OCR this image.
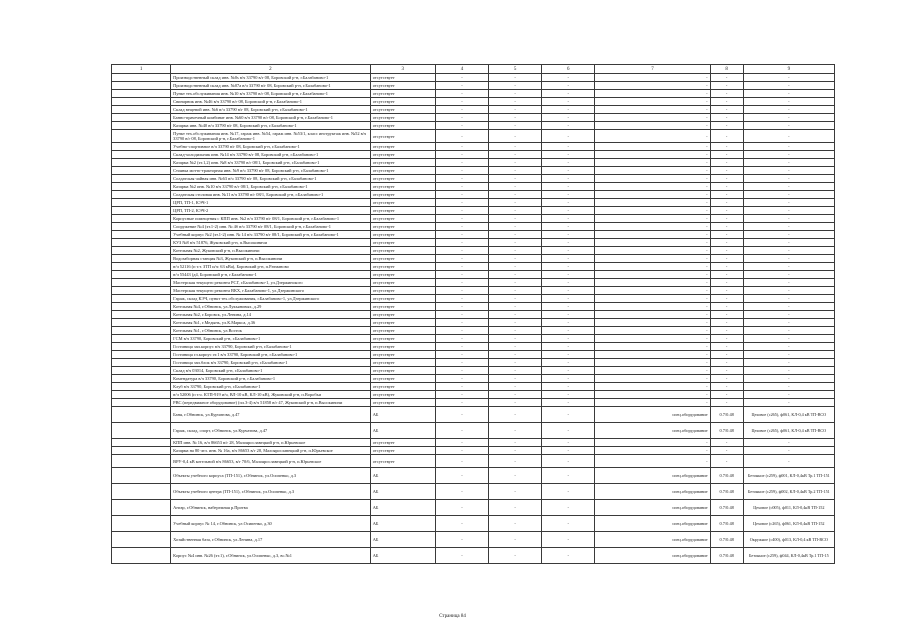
1	2	3	4	5	6	7	8	9
	Производственный склад инв. №0s в/ч 33790 в/г 08, Боровский р-н, г.Балабаново-1	отсутствует	-	-	-	-	-	-
	Производственный склад инв. №07а в/ч 33790 в/г 08, Боровский р-н, г.Балабаново-1	отсутствует	-	-	-	-	-	-
	Пункт тех.обслуживания инв. №10 в/ч 33790 в/г 08, Боровский р-н, г.Балабаново-1	отсутствует	-	-	-	-	-	-
	Свинарник инв. №46 в/ч 33790 в/г 08, Боровский р-н, г.Балабаново-1	отсутствует	-	-	-	-	-	-
	Склад вещевой инв. №6 в/ч 33790 в/г 08, Боровский р-н, г.Балабаново-1	отсутствует	-	-	-	-	-	-
	Банно-прачечный комбинат инв. №60 в/ч 33790 в/г 08, Боровский р-н, г.Балабаново-1	отсутствует	-	-	-	-	-	-
	Казарма инв. №40 в/ч 33790 в/г 08, Боровский р-н, г.Балабаново-1	отсутствует	-	-	-	-	-	-
	Пункт тех.обслуживания инв. №17, гараж инв. №54, гараж инв. №53/1, класс инструктаж инв. №52 в/ч 33790 в/г 08, Боровский р-н, г.Балабаново-1	отсутствует	-	-	-	-	-	-
	Учебно-спортивное в/ч 33790 в/г 08, Боровский р-н, г.Балабаново-1	отсутствует	-	-	-	-	-	-
	Склад-холодильник инв. №14 в/ч 33790 в/г 08, Боровский р-н, г.Балабаново-1	отсутствует	-	-	-	-	-	-
	Казарма №2 (эт.1,2) инв. №8 в/ч 33790 в/г 08/1, Боровский р-н, г.Балабаново-1	отсутствует	-	-	-	-	-	-
	Стоянка мотто-тракторная инв. №9 в/ч 33790 в/г 08, Боровский р-н, г.Балабаново-1	отсутствует	-	-	-	-	-	-
	Солдатская чайная инв. №63 в/ч 33790 в/г 08, Боровский р-н, г.Балабаново-1	отсутствует	-	-	-	-	-	-
	Казарма №2 инв. №10 в/ч 33790 в/г 08/1, Боровский р-н, г.Балабаново-1	отсутствует	-	-	-	-	-	-
	Солдатская столовая инв. №11 в/ч 33790 в/г 08/1, Боровский р-н, г.Балабаново-1	отсутствует	-	-	-	-	-	-
	ЦРП, ТП-1, КЭЧ-1	отсутствует	-	-	-	-	-	-
	ЦРП, ТП-2, КЭЧ-2	отсутствует	-	-	-	-	-	-
	Корпусные помещения с КПП инв. №2 в/ч 33790 в/г 08/1, Боровский р-н, г.Балабаново-1	отсутствует	-	-	-	-	-	-
	Сооружение №4 (эт.1-2) инв. № 4б в/ч 33790 в/г 08/1, Боровский р-н, г.Балабаново-1	отсутствует	-	-	-	-	-	-
	Учебный корпус №2 (эт.1-2) инв. № 14 в/ч 33790 в/г 08/1, Боровский р-н, г.Балабаново-1	отсутствует	-	-	-	-	-	-
	КУЗ №8 в/ч 51876, Жуковский р-н, п.Высокиничи	отсутствует	-	-	-	-	-	-
	Котельная №2, Жуковский р-н, п.Высокиничи	отсутствует	-	-	-	-	-	-
	Водозаборная станция №3, Жуковский р-н, п.Высокиничи	отсутствует	-	-	-	-	-	-
	в/ч 52116 (п т.т. ЗТП и/ч: 63 кВа), Боровский р-н, п.Ратманово	отсутствует	-	-	-	-	-	-
	в/ч 55443 (д4, Боровский р-н, г.Балабаново-1	отсутствует	-	-	-	-	-	-
	Мастерская текущего ремонта РСГ, г.Балабаново-1, ул.Дзержинского	отсутствует	-	-	-	-	-	-
	Мастерская текущего ремонта ВКХ, г.Балабаново-1, ул.Дзержинского	отсутствует	-	-	-	-	-	-
	Гараж, склад КЭЧ, пункт тех.обслуживания, г.Балабаново-1, ул.Дзержинского	отсутствует	-	-	-	-	-	-
	Котельная №4, г.Обнинск, ул.Лукьяновых, д.29	отсутствует	-	-	-	-	-	-
	Котельная №2, г.Боровск, ул.Ленина, д.14	отсутствует	-	-	-	-	-	-
	Котельная №1, г.Медынь, ул.К.Маркса, д.36	отсутствует	-	-	-	-	-	-
	Котельная №1, г.Обнинск, ул.Восток	отсутствует	-	-	-	-	-	-
	ГСМ в/ч 33790, Боровский р-н, г.Балабаново-1	отсутствует	-	-	-	-	-	-
	Гостиница зап.корпус в/ч 33790, Боровский р-н, г.Балабаново-1	отсутствует	-	-	-	-	-	-
	Гостиница гл.корпус эт.1 в/ч 33790, Боровский р-н, г.Балабаново-1	отсутствует	-	-	-	-	-	-
	Гостиница зап.блок в/ч 33790, Боровский р-н, г.Балабаново-1	отсутствует	-	-	-	-	-	-
	Склад в/ч 03014, Боровский р-н, г.Балабаново-1	отсутствует	-	-	-	-	-	-
	Комендатура в/ч 33790, Боровский р-н, г.Балабаново-1	отсутствует	-	-	-	-	-	-
	Клуб в/ч 33790, Боровский р-н, г.Балабаново-1	отсутствует	-	-	-	-	-	-
	в/ч 52006 (п т.ч. КТП-919 и/ч, ВЛ-10 кВ, КЛ-10 кВ), Жуковский р-н, п.Воробьи	отсутствует	-	-	-	-	-	-
	РВС (передвижное оборудование) (пл.3-4) в/ч 51858 в/г 47, Жуковский р-н, п.Высокиничи	отсутствует	-	-	-	-	-	-
	Баня, г.Обнинск, ул.Курчатова, д.47	АБ	-	-	-	спец.оборудование	0.7/0.48	Цеховое (с265), ф061, КЛ-0,4 кВ ТП-ВСО
	Гараж, склад, спорт, г.Обнинск, ул.Курчатова, д.47	АБ	-	-	-	спец.оборудование	0.7/0.48	Цеховое (с265), ф061, КЛ-0,4 кВ ТП-ВСО
	КПП инв. № 16, в/ч 86653 в/г 28, Малоярославецкий р-н, п.Юрьевское	отсутствует	-	-	-	-	-	-
	Казарма на 80 чел. инв. № 16а, в/ч 86653 в/г 28, Малоярославецкий р-н, п.Юрьевское	отсутствует	-	-	-	-	-	-
	ВРУ-0,4 кВ котельной в/ч 86653, в/г 70/6, Малоярославецкий р-н, п.Юрьевское	отсутствует	-	-	-	-	-	-
	Объекты учебного корпуса (ТП-151), г.Обнинск, ул.Осипенко, д.3	АБ	-	-	-	спец.оборудование	0.7/0.48	Бетонное (с259), ф001, КЛ-0,4кВ Тр.1 ТП-151
	Объекты учебного центра (ТП-151), г.Обнинск, ул.Осипенко, д.3	АБ	-	-	-	спец.оборудование	0.7/0.48	Бетонное (с259), ф002, КЛ-0,4кВ Тр.2 ТП-151
	Ангар, г.Обнинск, набережная р.Протва	АБ	-	-	-	спец.оборудование	0.7/0.48	Цеховое (с005), ф011, КЛ-0,4кВ ТП-152
	Учебный корпус № 14, г.Обнинск, ул.Осипенко, д.30	АБ	-	-	-	спец.оборудование	0.7/0.48	Цеховое (с265), ф061, КЛ-0,4кВ ТП-152
	Хозяйственная база, г.Обнинск, ул.Ленина, д.17	АБ	-	-	-	спец.оборудование	0.7/0.48	Окружное (с400), ф013, КЛ-0,4 кВ ТП-ВСО
	Корпус №4 инв. №26 (эт.1), г.Обнинск, ул.Осипенко, д.3, вс.№1	АБ	-	-	-	спец.оборудование	0.7/0.48	Бетонное (с259), ф044, КЛ-0,4кВ Тр.1 ТП-15
Страница 84
